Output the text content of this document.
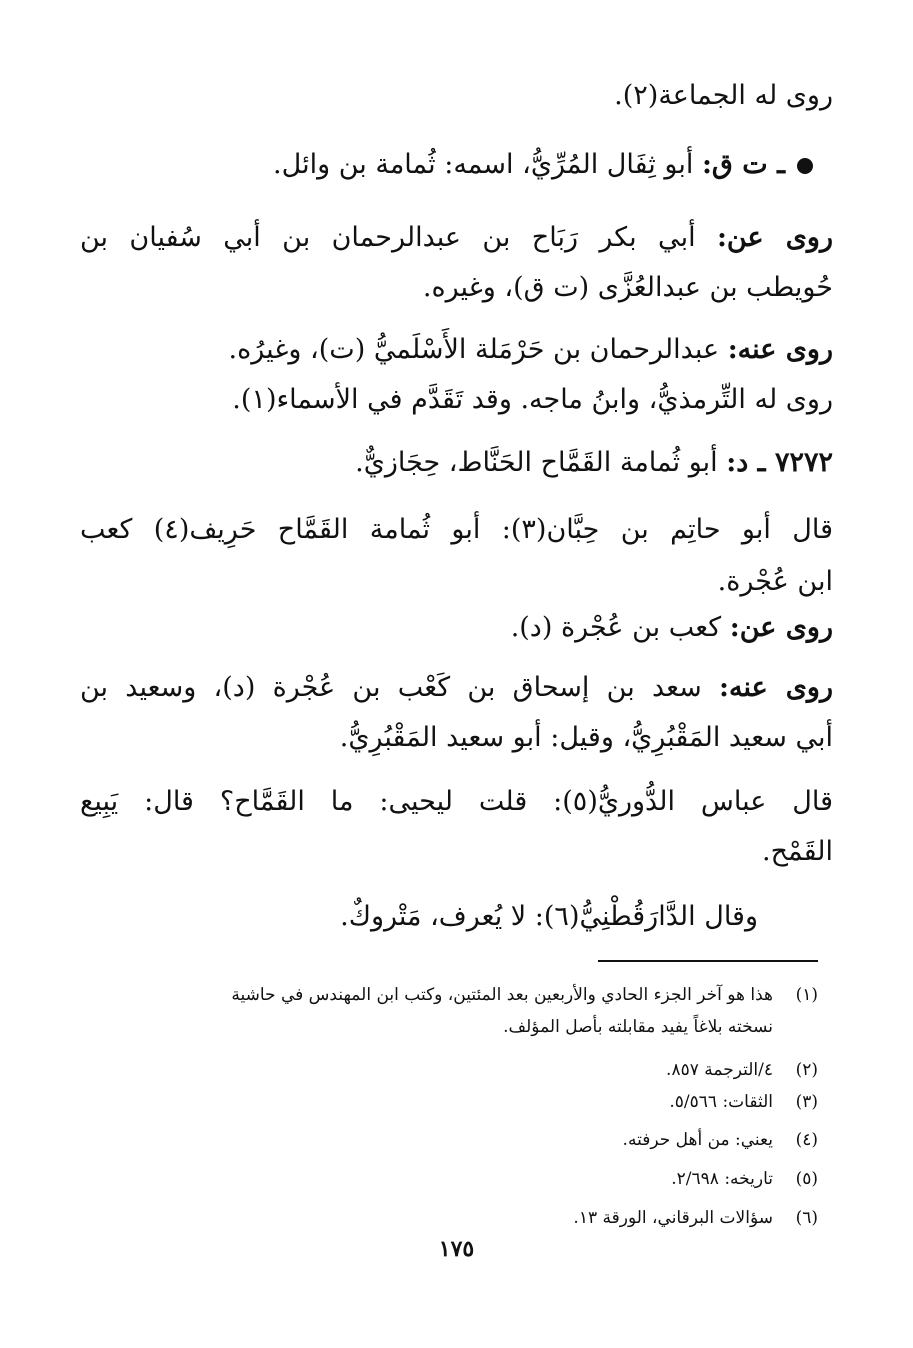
روى له الجماعة(٢).
ـ ت ق: أبو ثِفَال المُرِّيُّ، اسمه: ثُمامة بن وائل.
روى عن: أبي بكر رَبَاح بن عبدالرحمان بن أبي سُفيان بن
حُويطب بن عبدالعُزَّى (ت ق)، وغيره.
روى عنه: عبدالرحمان بن حَرْمَلة الأَسْلَميُّ (ت)، وغيرُه.
روى له التِّرمذيُّ، وابنُ ماجه. وقد تَقَدَّم في الأسماء(١).
٧٢٧٢ ـ د: أبو ثُمامة القَمَّاح الحَنَّاط، حِجَازيٌّ.
قال أبو حاتِم بن حِبَّان(٣): أبو ثُمامة القَمَّاح حَرِيف(٤) كعب
ابن عُجْرة.
روى عن: كعب بن عُجْرة (د).
روى عنه: سعد بن إسحاق بن كَعْب بن عُجْرة (د)، وسعيد بن
أبي سعيد المَقْبُرِيُّ، وقيل: أبو سعيد المَقْبُرِيُّ.
قال عباس الدُّوريُّ(٥): قلت ليحيى: ما القَمَّاح؟ قال: يَبِيع
القَمْح.
وقال الدَّارَقُطْنِيُّ(٦): لا يُعرف، مَتْروكٌ.
(١)هذا هو آخر الجزء الحادي والأربعين بعد المئتين، وكتب ابن المهندس في حاشية
نسخته بلاغاً يفيد مقابلته بأصل المؤلف.
(٢)٤/الترجمة ٨٥٧.
(٣)الثقات: ٥/٥٦٦.
(٤)يعني: من أهل حرفته.
(٥)تاريخه: ٢/٦٩٨.
(٦)سؤالات البرقاني، الورقة ١٣.
١٧٥
